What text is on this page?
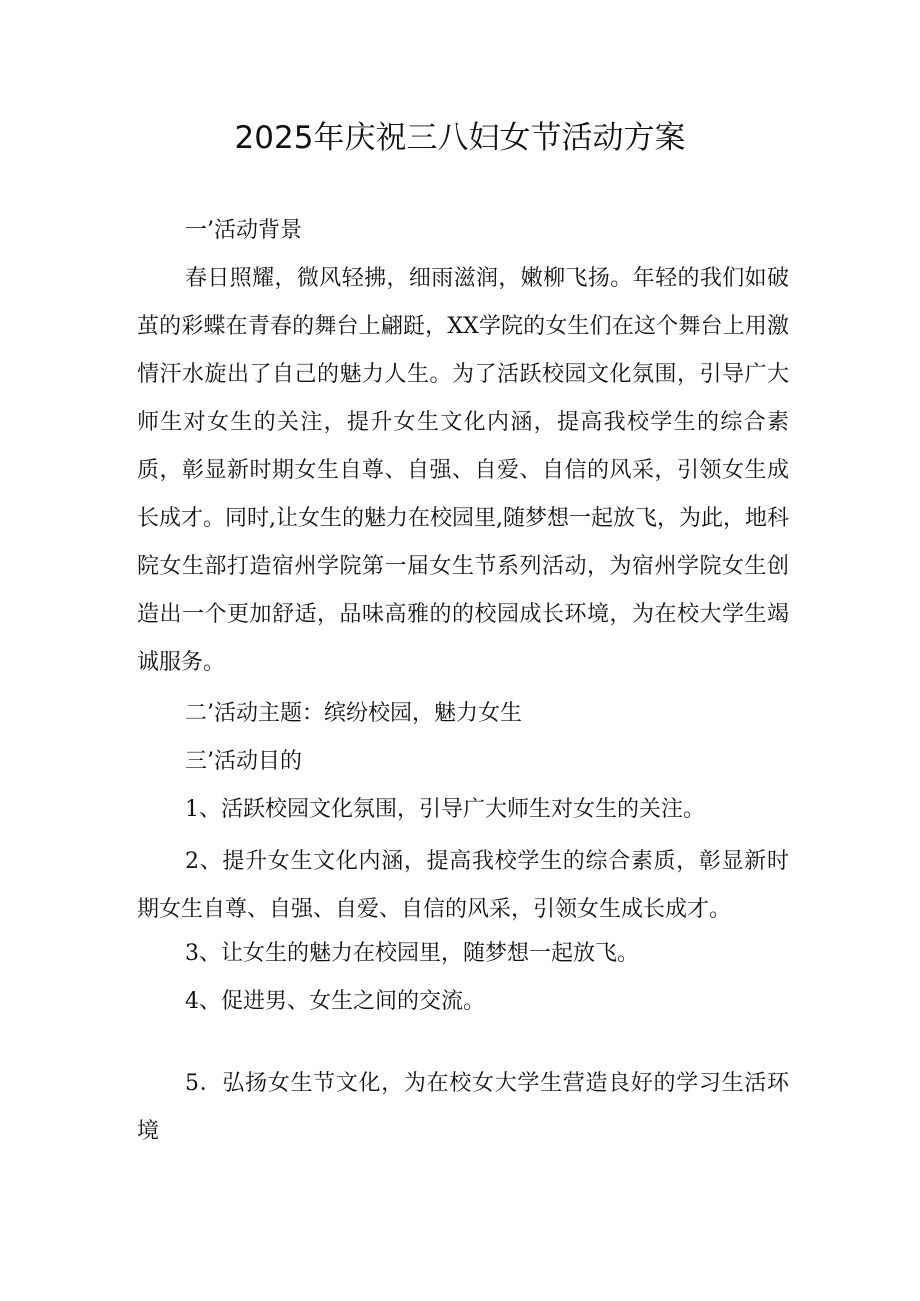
2025年庆祝三八妇女节活动方案
一’活动背景

春日照耀，微风轻拂，细雨滋润，嫩柳飞扬。年轻的我们如破茧的彩蝶在青春的舞台上翩跹，XX学院的女生们在这个舞台上用激情汗水旋出了自己的魅力人生。为了活跃校园文化氛围，引导广大师生对女生的关注，提升女生文化内涵，提高我校学生的综合素质，彰显新时期女生自尊、自强、自爱、自信的风采，引领女生成长成才。同时,让女生的魅力在校园里,随梦想一起放飞，为此，地科院女生部打造宿州学院第一届女生节系列活动，为宿州学院女生创造出一个更加舒适，品味高雅的的校园成长环境，为在校大学生竭诚服务。

二’活动主题：缤纷校园，魅力女生
三’活动目的
1、活跃校园文化氛围，引导广大师生对女生的关注。

2、提升女生文化内涵，提高我校学生的综合素质，彰显新时期女生自尊、自强、自爱、自信的风采，引领女生成长成才。

3、让女生的魅力在校园里，随梦想一起放飞。
4、促进男、女生之间的交流。

5．弘扬女生节文化，为在校女大学生营造良好的学习生活环境
